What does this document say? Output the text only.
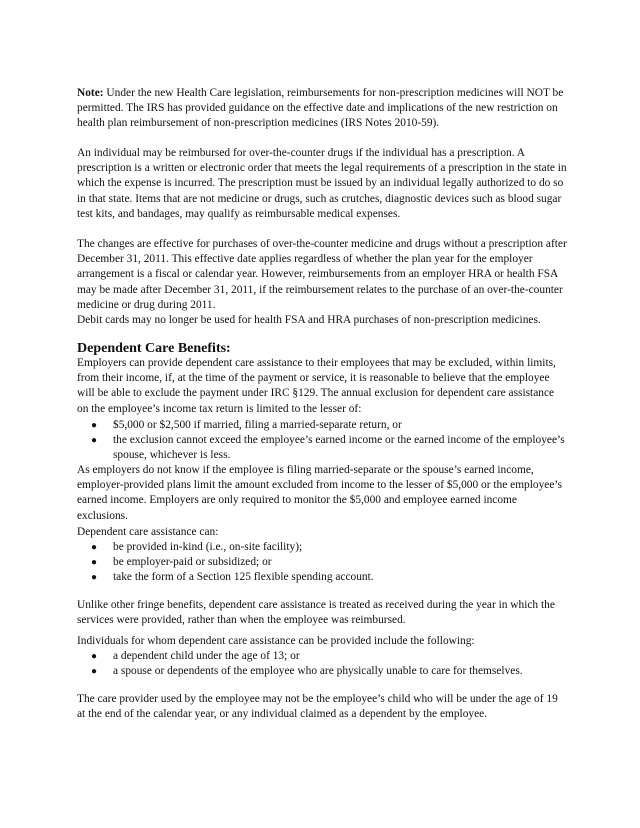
Note: Under the new Health Care legislation, reimbursements for non-prescription medicines will NOT be permitted. The IRS has provided guidance on the effective date and implications of the new restriction on health plan reimbursement of non-prescription medicines (IRS Notes 2010-59).

An individual may be reimbursed for over-the-counter drugs if the individual has a prescription. A prescription is a written or electronic order that meets the legal requirements of a prescription in the state in which the expense is incurred. The prescription must be issued by an individual legally authorized to do so in that state. Items that are not medicine or drugs, such as crutches, diagnostic devices such as blood sugar test kits, and bandages, may qualify as reimbursable medical expenses.

The changes are effective for purchases of over-the-counter medicine and drugs without a prescription after December 31, 2011. This effective date applies regardless of whether the plan year for the employer arrangement is a fiscal or calendar year. However, reimbursements from an employer HRA or health FSA may be made after December 31, 2011, if the reimbursement relates to the purchase of an over-the-counter medicine or drug during 2011.

Debit cards may no longer be used for health FSA and HRA purchases of non-prescription medicines.

Dependent Care Benefits:

Employers can provide dependent care assistance to their employees that may be excluded, within limits, from their income, if, at the time of the payment or service, it is reasonable to believe that the employee will be able to exclude the payment under IRC §129. The annual exclusion for dependent care assistance on the employee’s income tax return is limited to the lesser of:

● $5,000 or $2,500 if married, filing a married-separate return, or
● the exclusion cannot exceed the employee’s earned income or the earned income of the employee’s spouse, whichever is less.

As employers do not know if the employee is filing married-separate or the spouse’s earned income, employer-provided plans limit the amount excluded from income to the lesser of $5,000 or the employee’s earned income. Employers are only required to monitor the $5,000 and employee earned income exclusions.

Dependent care assistance can:

● be provided in-kind (i.e., on-site facility);
● be employer-paid or subsidized; or
● take the form of a Section 125 flexible spending account.

Unlike other fringe benefits, dependent care assistance is treated as received during the year in which the services were provided, rather than when the employee was reimbursed.

Individuals for whom dependent care assistance can be provided include the following:

● a dependent child under the age of 13; or
● a spouse or dependents of the employee who are physically unable to care for themselves.

The care provider used by the employee may not be the employee’s child who will be under the age of 19 at the end of the calendar year, or any individual claimed as a dependent by the employee.
